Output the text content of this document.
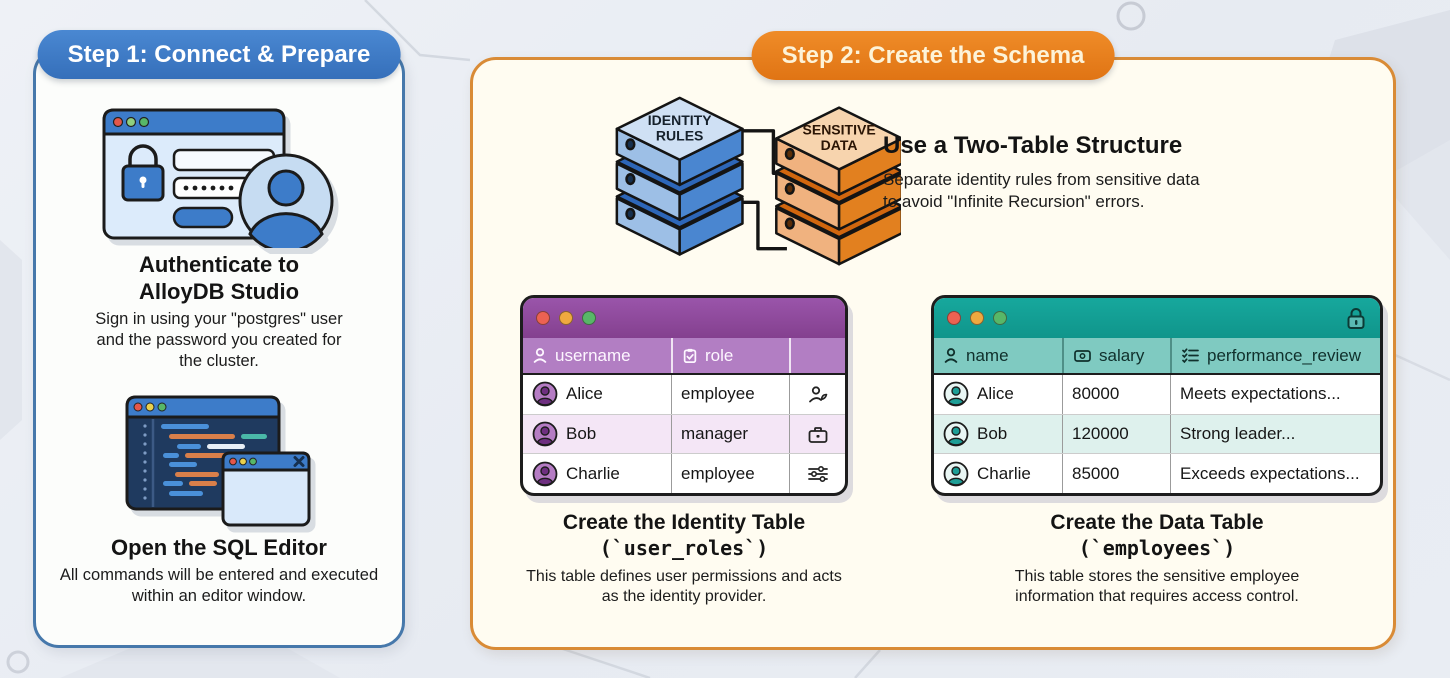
Step 1: Connect & Prepare
Authenticate to
AlloyDB Studio
Sign in using your "postgres" user and the password you created for the cluster.
Open the SQL Editor
All commands will be entered and executed within an editor window.
Step 2: Create the Schema
IDENTITY
RULES	SENSITIVE
DATA Use a Two-Table Structure
Separate identity rules from sensitive data
to avoid "Infinite Recursion" errors.
username	role
Alice	employee
Bob	manager
Charlie	employee
Create the Identity Table
(`user_roles`)
This table defines user permissions and acts as the identity provider.
name	salary	performance_review
Alice	80000	Meets expectations...
Bob	120000	Strong leader...
Charlie 85000	Exceeds expectations...
Create the Data Table
(`employees`)
This table stores the sensitive employee information that requires access control.
